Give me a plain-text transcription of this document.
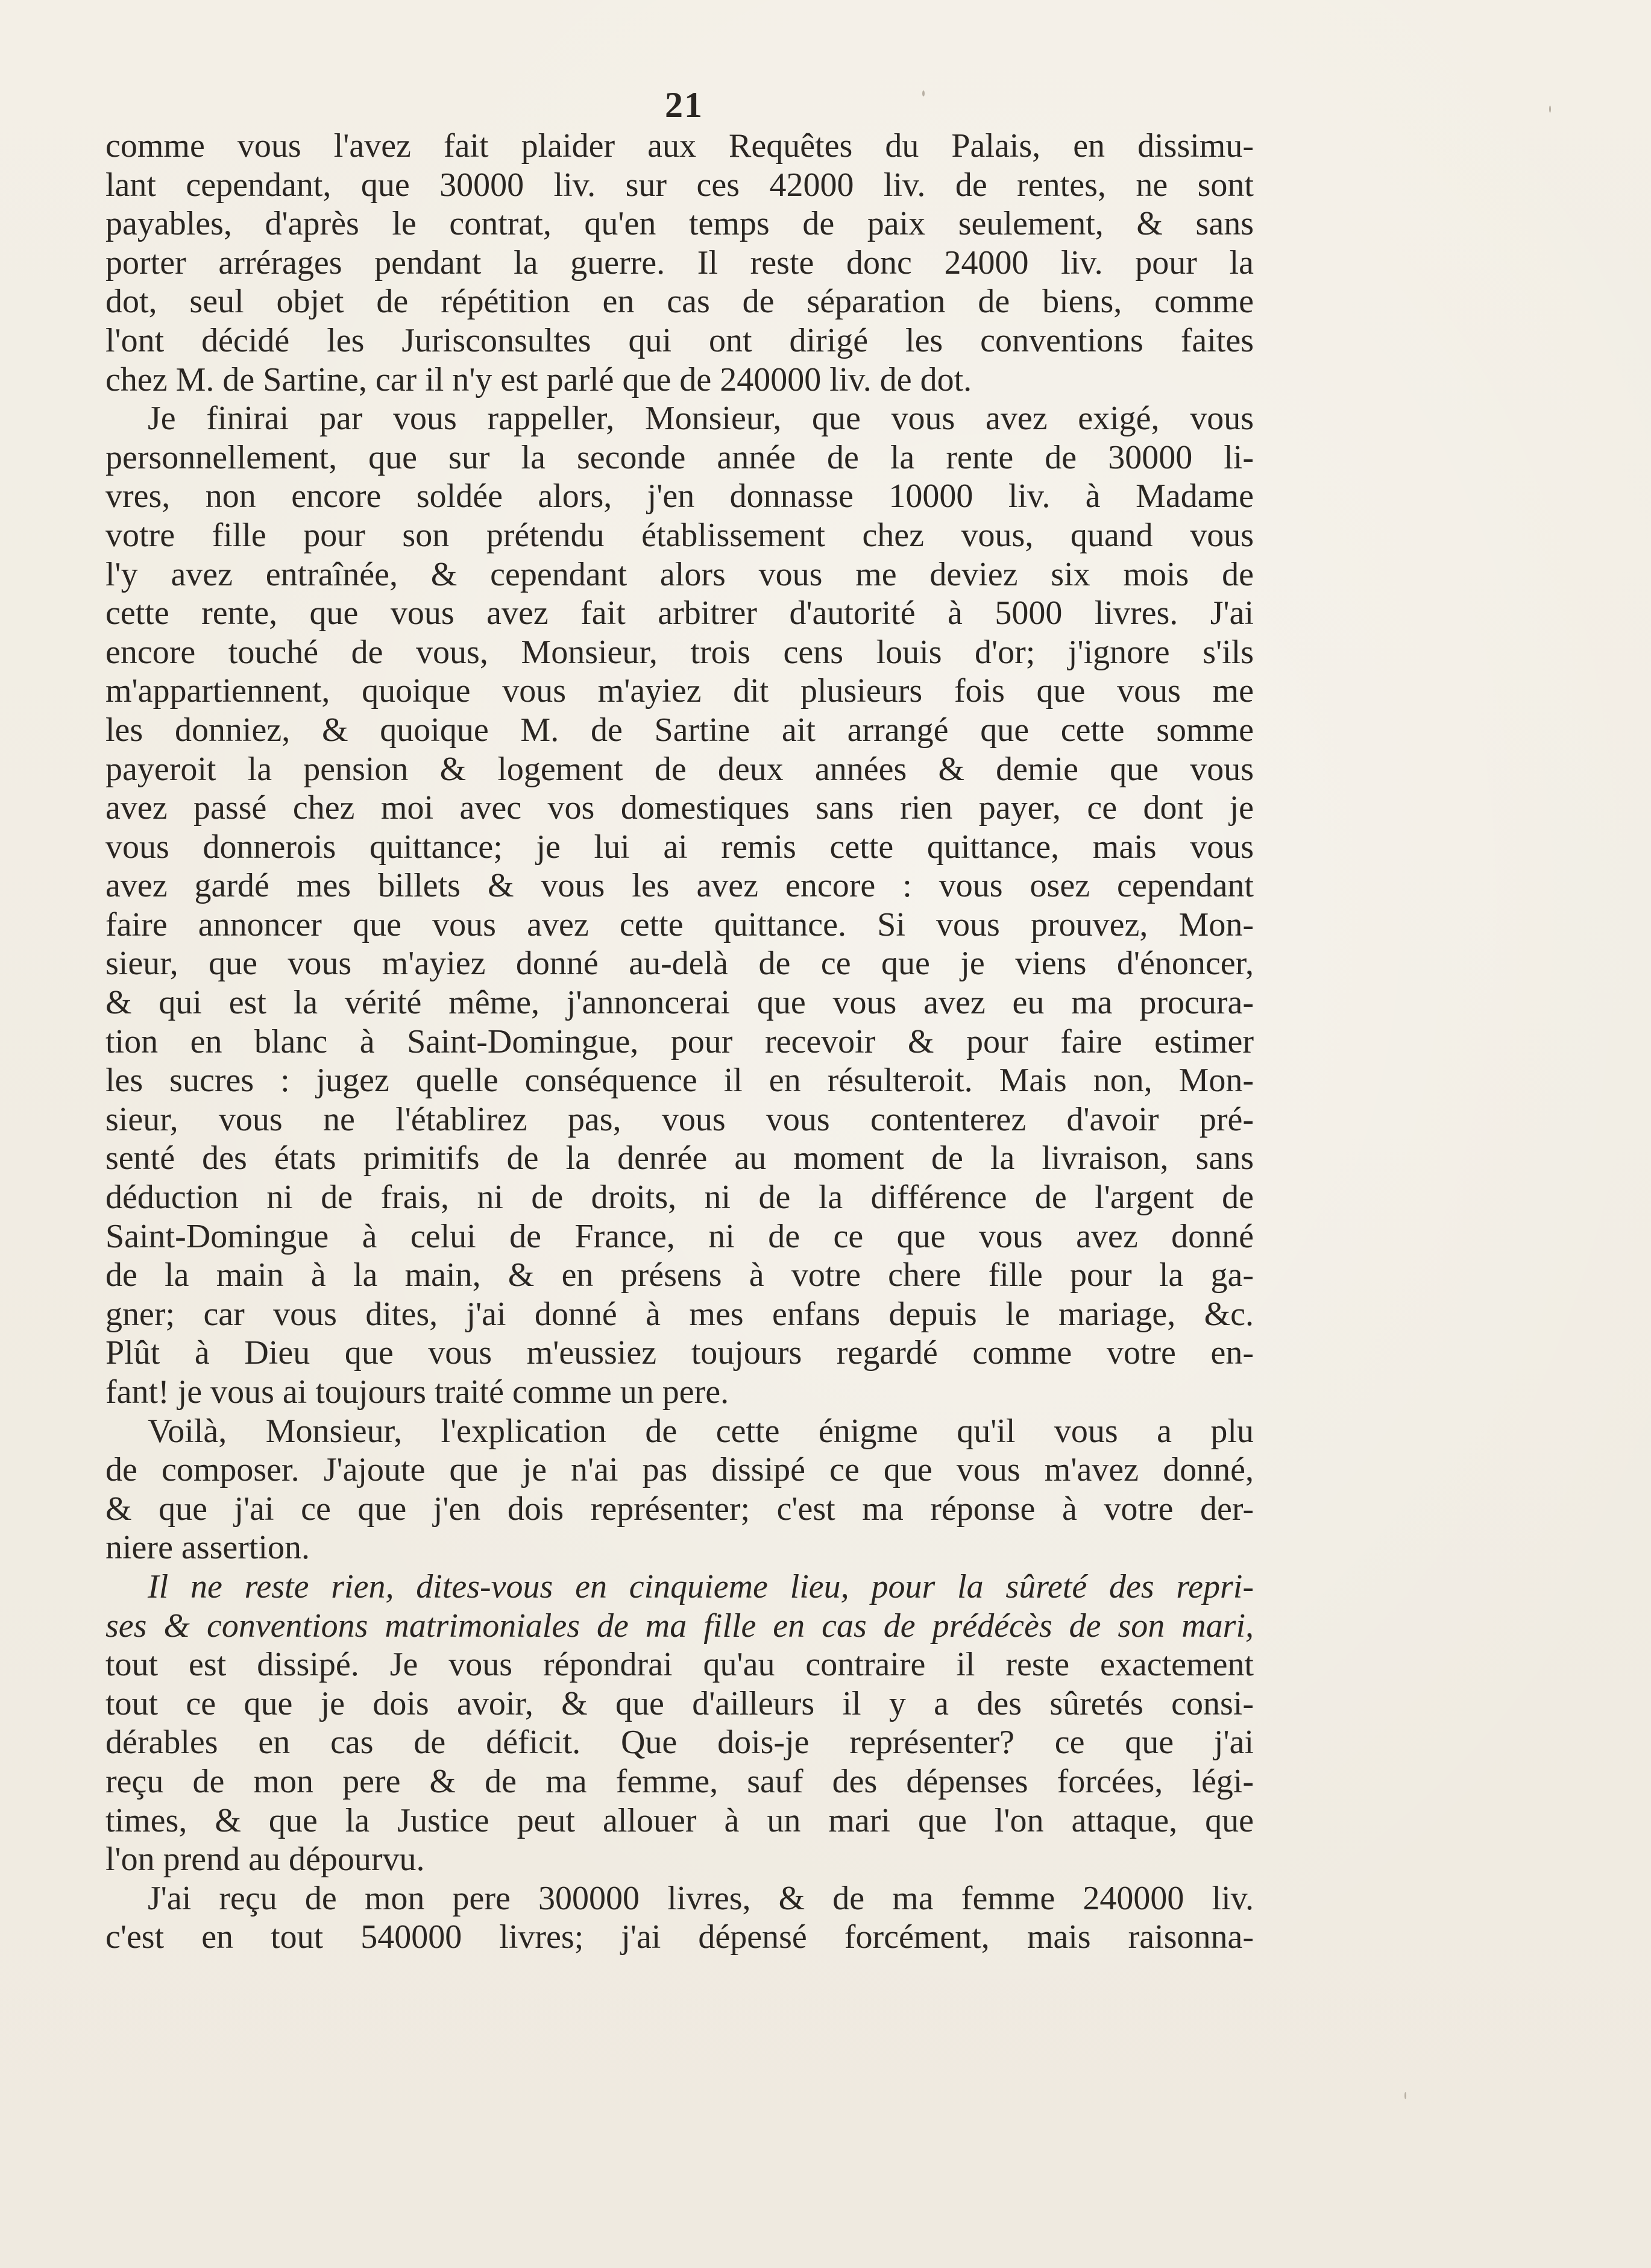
21
comme vous l'avez fait plaider aux Requêtes du Palais, en dissimu-
lant cependant, que 30000 liv. sur ces 42000 liv. de rentes, ne sont
payables, d'après le contrat, qu'en temps de paix seulement, & sans
porter arrérages pendant la guerre. Il reste donc 24000 liv. pour la
dot, seul objet de répétition en cas de séparation de biens, comme
l'ont décidé les Jurisconsultes qui ont dirigé les conventions faites
chez M. de Sartine, car il n'y est parlé que de 240000 liv. de dot.
Je finirai par vous rappeller, Monsieur, que vous avez exigé, vous
personnellement, que sur la seconde année de la rente de 30000 li-
vres, non encore soldée alors, j'en donnasse 10000 liv. à Madame
votre fille pour son prétendu établissement chez vous, quand vous
l'y avez entraînée, & cependant alors vous me deviez six mois de
cette rente, que vous avez fait arbitrer d'autorité à 5000 livres. J'ai
encore touché de vous, Monsieur, trois cens louis d'or; j'ignore s'ils
m'appartiennent, quoique vous m'ayiez dit plusieurs fois que vous me
les donniez, & quoique M. de Sartine ait arrangé que cette somme
payeroit la pension & logement de deux années & demie que vous
avez passé chez moi avec vos domestiques sans rien payer, ce dont je
vous donnerois quittance; je lui ai remis cette quittance, mais vous
avez gardé mes billets & vous les avez encore : vous osez cependant
faire annoncer que vous avez cette quittance. Si vous prouvez, Mon-
sieur, que vous m'ayiez donné au-delà de ce que je viens d'énoncer,
& qui est la vérité même, j'annoncerai que vous avez eu ma procura-
tion en blanc à Saint-Domingue, pour recevoir & pour faire estimer
les sucres : jugez quelle conséquence il en résulteroit. Mais non, Mon-
sieur, vous ne l'établirez pas, vous vous contenterez d'avoir pré-
senté des états primitifs de la denrée au moment de la livraison, sans
déduction ni de frais, ni de droits, ni de la différence de l'argent de
Saint-Domingue à celui de France, ni de ce que vous avez donné
de la main à la main, & en présens à votre chere fille pour la ga-
gner; car vous dites, j'ai donné à mes enfans depuis le mariage, &c.
Plût à Dieu que vous m'eussiez toujours regardé comme votre en-
fant! je vous ai toujours traité comme un pere.
Voilà, Monsieur, l'explication de cette énigme qu'il vous a plu
de composer. J'ajoute que je n'ai pas dissipé ce que vous m'avez donné,
& que j'ai ce que j'en dois représenter; c'est ma réponse à votre der-
niere assertion.
Il ne reste rien, dites-vous en cinquieme lieu, pour la sûreté des repri-
ses & conventions matrimoniales de ma fille en cas de prédécès de son mari,
tout est dissipé. Je vous répondrai qu'au contraire il reste exactement
tout ce que je dois avoir, & que d'ailleurs il y a des sûretés consi-
dérables en cas de déficit. Que dois-je représenter? ce que j'ai
reçu de mon pere & de ma femme, sauf des dépenses forcées, légi-
times, & que la Justice peut allouer à un mari que l'on attaque, que
l'on prend au dépourvu.
J'ai reçu de mon pere 300000 livres, & de ma femme 240000 liv.
c'est en tout 540000 livres; j'ai dépensé forcément, mais raisonna-
